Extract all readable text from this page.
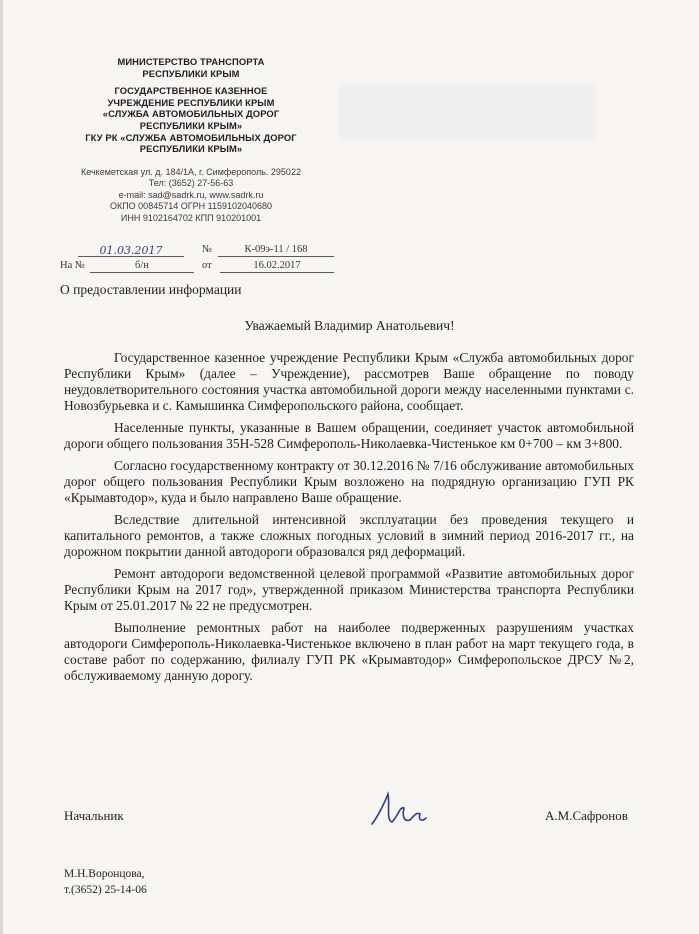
МИНИСТЕРСТВО ТРАНСПОРТА
РЕСПУБЛИКИ КРЫМ
ГОСУДАРСТВЕННОЕ КАЗЕННОЕ
УЧРЕЖДЕНИЕ РЕСПУБЛИКИ КРЫМ
«СЛУЖБА АВТОМОБИЛЬНЫХ ДОРОГ
РЕСПУБЛИКИ КРЫМ»
ГКУ РК «СЛУЖБА АВТОМОБИЛЬНЫХ ДОРОГ
РЕСПУБЛИКИ КРЫМ»
Кечкеметская ул. д. 184/1А, г. Симферополь. 295022
Тел: (3652) 27-56-63
e-mail: sad@sadrk.ru, www.sadrk.ru
ОКПО 00845714 ОГРН 1159102040680
ИНН 9102164702 КПП 910201001
01.03.2017	№	К-09э-11 / 168
На №	б/н	от	16.02.2017
О предоставлении информации
Уважаемый Владимир Анатольевич!

Государственное казенное учреждение Республики Крым «Служба автомобильных дорог Республики Крым» (далее – Учреждение), рассмотрев Ваше обращение по поводу неудовлетворительного состояния участка автомобильной дороги между населенными пунктами с. Новозбурьевка и с. Камышинка Симферопольского района, сообщает.

Населенные пункты, указанные в Вашем обращении, соединяет участок автомобильной дороги общего пользования 35Н-528 Симферополь-Николаевка-Чистенькое км 0+700 – км 3+800.

Согласно государственному контракту от 30.12.2016 № 7/16 обслуживание автомобильных дорог общего пользования Республики Крым возложено на подрядную организацию ГУП РК «Крымавтодор», куда и было направлено Ваше обращение.

Вследствие длительной интенсивной эксплуатации без проведения текущего и капитального ремонтов, а также сложных погодных условий в зимний период 2016-2017 гг., на дорожном покрытии данной автодороги образовался ряд деформаций.

Ремонт автодороги ведомственной целевой программой «Развитие автомобильных дорог Республики Крым на 2017 год», утвержденной приказом Министерства транспорта Республики Крым от 25.01.2017 № 22 не предусмотрен.

Выполнение ремонтных работ на наиболее подверженных разрушениям участках автодороги Симферополь-Николаевка-Чистенькое включено в план работ на март текущего года, в составе работ по содержанию, филиалу ГУП РК «Крымавтодор» Симферопольское ДРСУ №2, обслуживаемому данную дорогу.

Начальник	А.М.Сафронов
М.Н.Воронцова,
т.(3652) 25-14-06
